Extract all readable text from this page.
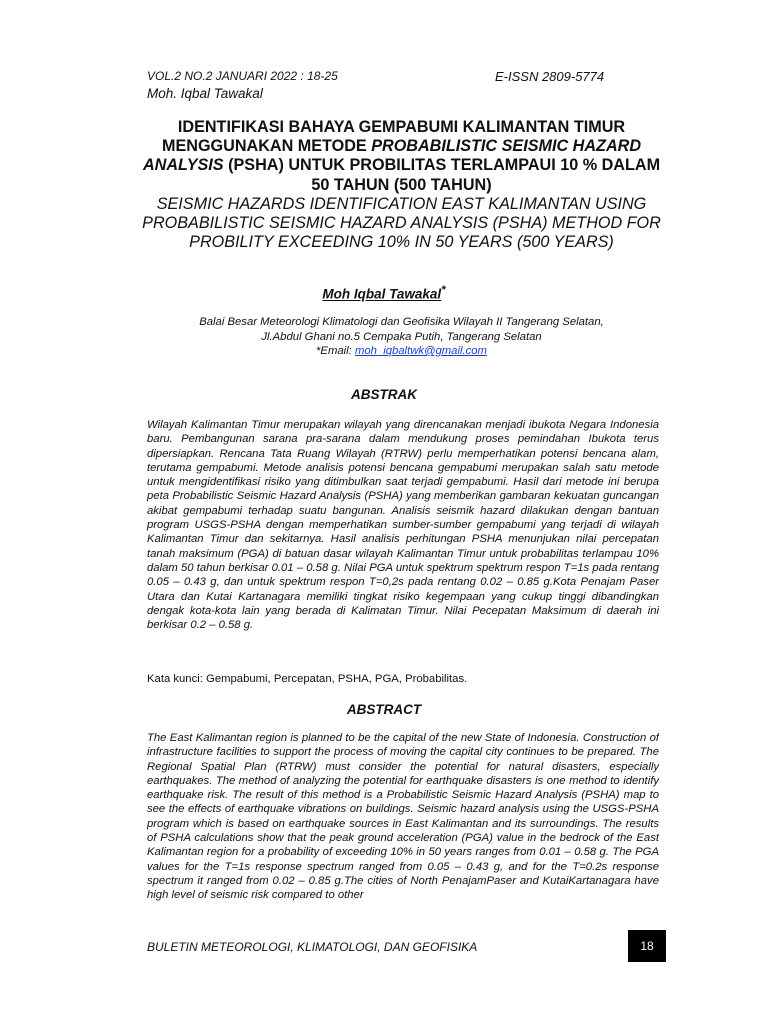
VOL.2 NO.2 JANUARI 2022 : 18-25
Moh. Iqbal Tawakal
E-ISSN 2809-5774
IDENTIFIKASI BAHAYA GEMPABUMI KALIMANTAN TIMUR MENGGUNAKAN METODE PROBABILISTIC SEISMIC HAZARD ANALYSIS (PSHA) UNTUK PROBILITAS TERLAMPAUI 10 % DALAM 50 TAHUN (500 TAHUN)
SEISMIC HAZARDS IDENTIFICATION EAST KALIMANTAN USING PROBABILISTIC SEISMIC HAZARD ANALYSIS (PSHA) METHOD FOR PROBILITY EXCEEDING 10% IN 50 YEARS (500 YEARS)
Moh Iqbal Tawakal*
Balai Besar Meteorologi Klimatologi dan Geofisika Wilayah II Tangerang Selatan,
Jl.Abdul Ghani no.5 Cempaka Putih, Tangerang Selatan
*Email: moh_iqbaltwk@gmail.com
ABSTRAK

Wilayah Kalimantan Timur merupakan wilayah yang direncanakan menjadi ibukota Negara Indonesia baru. Pembangunan sarana pra-sarana dalam mendukung proses pemindahan Ibukota terus dipersiapkan. Rencana Tata Ruang Wilayah (RTRW) perlu memperhatikan potensi bencana alam, terutama gempabumi. Metode analisis potensi bencana gempabumi merupakan salah satu metode untuk mengidentifikasi risiko yang ditimbulkan saat terjadi gempabumi. Hasil dari metode ini berupa peta Probabilistic Seismic Hazard Analysis (PSHA) yang memberikan gambaran kekuatan guncangan akibat gempabumi terhadap suatu bangunan. Analisis seismik hazard dilakukan dengan bantuan program USGS-PSHA dengan memperhatikan sumber-sumber gempabumi yang terjadi di wilayah Kalimantan Timur dan sekitarnya. Hasil analisis perhitungan PSHA menunjukan nilai percepatan tanah maksimum (PGA) di batuan dasar wilayah Kalimantan Timur untuk probabilitas terlampau 10% dalam 50 tahun berkisar 0.01 – 0.58 g. Nilai PGA untuk spektrum spektrum respon T=1s pada rentang 0.05 – 0.43 g, dan untuk spektrum respon T=0,2s pada rentang 0.02 – 0.85 g.Kota Penajam Paser Utara dan Kutai Kartanagara memiliki tingkat risiko kegempaan yang cukup tinggi dibandingkan dengak kota-kota lain yang berada di Kalimatan Timur. Nilai Pecepatan Maksimum di daerah ini berkisar 0.2 – 0.58 g.

Kata kunci: Gempabumi, Percepatan, PSHA, PGA, Probabilitas.
ABSTRACT

The East Kalimantan region is planned to be the capital of the new State of Indonesia. Construction of infrastructure facilities to support the process of moving the capital city continues to be prepared. The Regional Spatial Plan (RTRW) must consider the potential for natural disasters, especially earthquakes. The method of analyzing the potential for earthquake disasters is one method to identify earthquake risk. The result of this method is a Probabilistic Seismic Hazard Analysis (PSHA) map to see the effects of earthquake vibrations on buildings. Seismic hazard analysis using the USGS-PSHA program which is based on earthquake sources in East Kalimantan and its surroundings. The results of PSHA calculations show that the peak ground acceleration (PGA) value in the bedrock of the East Kalimantan region for a probability of exceeding 10% in 50 years ranges from 0.01 – 0.58 g. The PGA values for the T=1s response spectrum ranged from 0.05 – 0.43 g, and for the T=0.2s response spectrum it ranged from 0.02 – 0.85 g.The cities of North PenajamPaser and KutaiKartanagara have high level of seismic risk compared to other

BULETIN METEOROLOGI, KLIMATOLOGI, DAN GEOFISIKA	18
